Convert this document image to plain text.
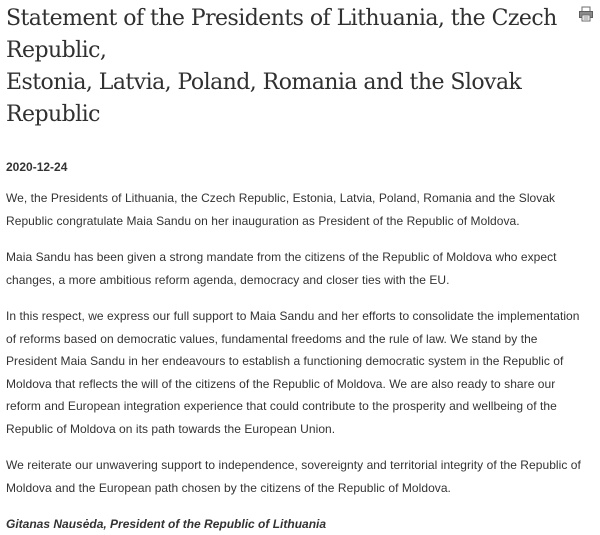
Statement of the Presidents of Lithuania, the Czech Republic,
Estonia, Latvia, Poland, Romania and the Slovak Republic
2020-12-24

We, the Presidents of Lithuania, the Czech Republic, Estonia, Latvia, Poland, Romania and the Slovak Republic congratulate Maia Sandu on her inauguration as President of the Republic of Moldova.

Maia Sandu has been given a strong mandate from the citizens of the Republic of Moldova who expect changes, a more ambitious reform agenda, democracy and closer ties with the EU.

In this respect, we express our full support to Maia Sandu and her efforts to consolidate the implementation of reforms based on democratic values, fundamental freedoms and the rule of law. We stand by the President Maia Sandu in her endeavours to establish a functioning democratic system in the Republic of Moldova that reflects the will of the citizens of the Republic of Moldova. We are also ready to share our reform and European integration experience that could contribute to the prosperity and wellbeing of the Republic of Moldova on its path towards the European Union.

We reiterate our unwavering support to independence, sovereignty and territorial integrity of the Republic of Moldova and the European path chosen by the citizens of the Republic of Moldova.

Gitanas Nausėda, President of the Republic of Lithuania
